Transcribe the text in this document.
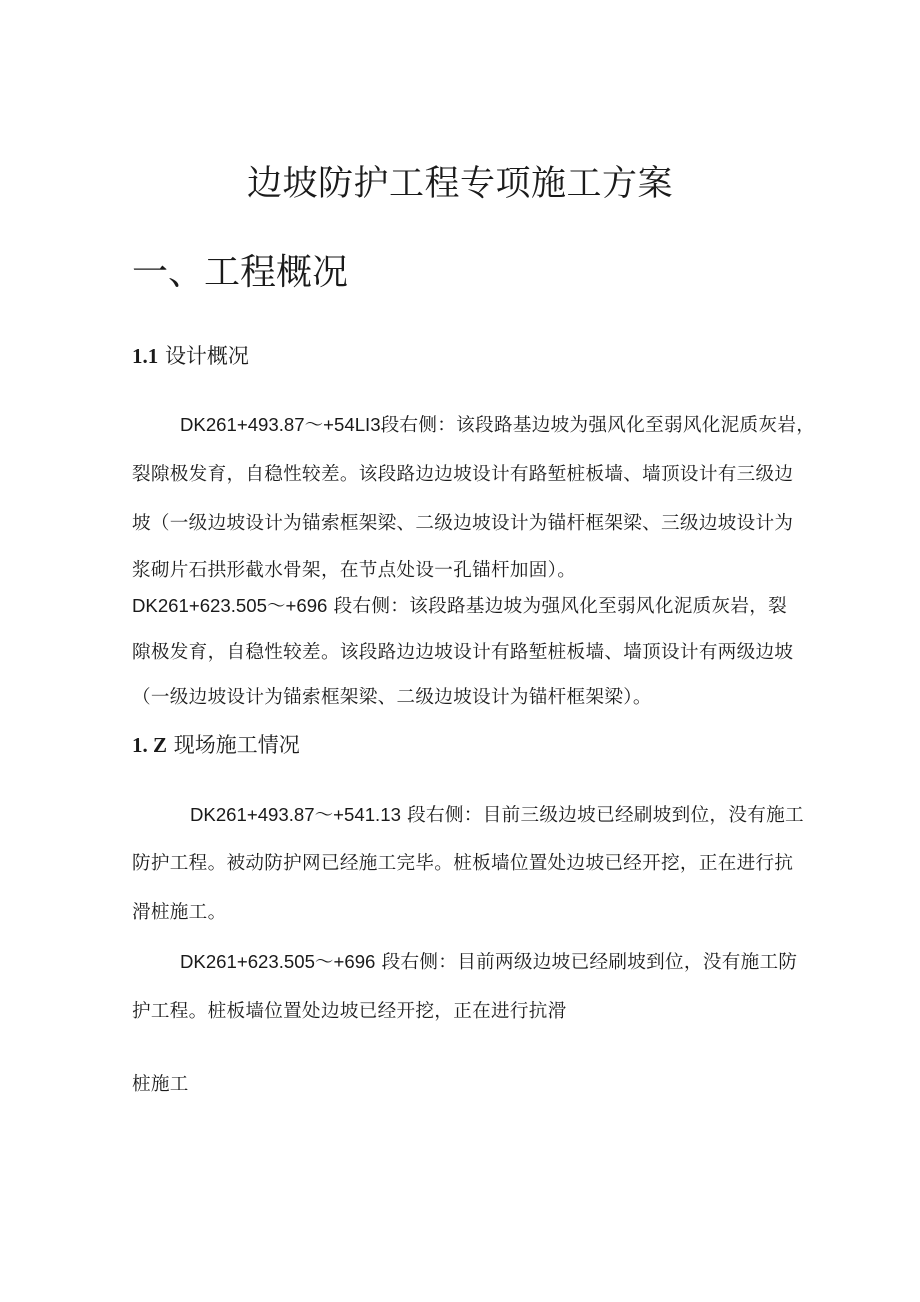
边坡防护工程专项施工方案
一、工程概况
1.1 设计概况

DK261+493.87～+54LI3段右侧：该段路基边坡为强风化至弱风化泥质灰岩，

裂隙极发育，自稳性较差。该段路边边坡设计有路堑桩板墙、墙顶设计有三级边

坡（一级边坡设计为锚索框架梁、二级边坡设计为锚杆框架梁、三级边坡设计为

浆砌片石拱形截水骨架，在节点处设一孔锚杆加固）。

DK261+623.505～+696 段右侧：该段路基边坡为强风化至弱风化泥质灰岩，裂

隙极发育，自稳性较差。该段路边边坡设计有路堑桩板墙、墙顶设计有两级边坡

（一级边坡设计为锚索框架梁、二级边坡设计为锚杆框架梁）。

1. Z 现场施工情况

DK261+493.87～+541.13 段右侧：目前三级边坡已经刷坡到位，没有施工

防护工程。被动防护网已经施工完毕。桩板墙位置处边坡已经开挖，正在进行抗

滑桩施工。

DK261+623.505～+696 段右侧：目前两级边坡已经刷坡到位，没有施工防

护工程。桩板墙位置处边坡已经开挖，正在进行抗滑

桩施工
